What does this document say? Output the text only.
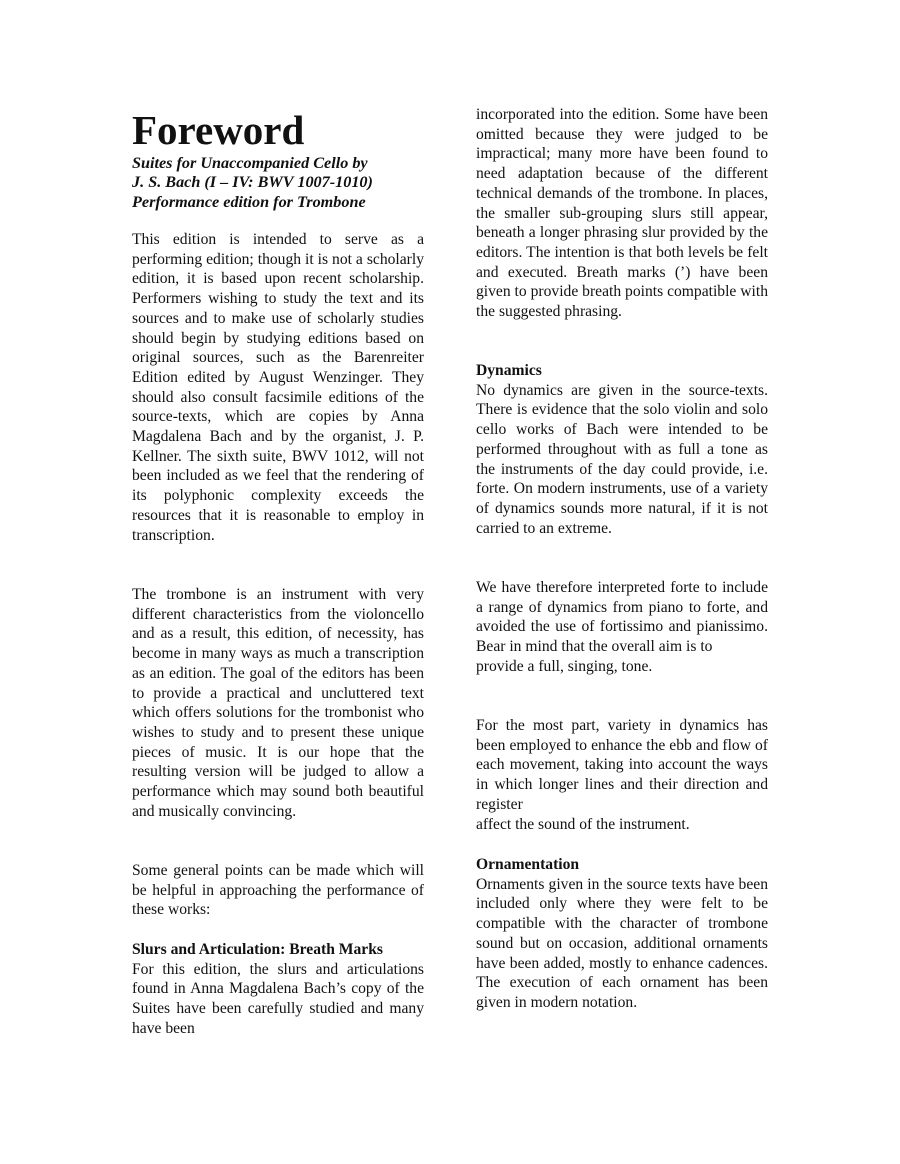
Foreword
Suites for Unaccompanied Cello by
J. S. Bach (I – IV: BWV 1007-1010)
Performance edition for Trombone

This edition is intended to serve as a performing edition; though it is not a scholarly edition, it is based upon recent scholarship. Performers wishing to study the text and its sources and to make use of scholarly studies should begin by studying editions based on original sources, such as the Barenreiter Edition edited by August Wenzinger. They should also consult facsimile editions of the source-texts, which are copies by Anna Magdalena Bach and by the organist, J. P. Kellner. The sixth suite, BWV 1012, will not been included as we feel that the rendering of its polyphonic complexity exceeds the resources that it is reasonable to employ in transcription.

The trombone is an instrument with very different characteristics from the violoncello and as a result, this edition, of necessity, has become in many ways as much a transcription as an edition. The goal of the editors has been to provide a practical and uncluttered text which offers solutions for the trombonist who wishes to study and to present these unique pieces of music. It is our hope that the resulting version will be judged to allow a performance which may sound both beautiful and musically convincing.

Some general points can be made which will be helpful in approaching the performance of these works:

Slurs and Articulation: Breath Marks

For this edition, the slurs and articulations found in Anna Magdalena Bach’s copy of the Suites have been carefully studied and many have been

incorporated into the edition. Some have been omitted because they were judged to be impractical; many more have been found to need adaptation because of the different technical demands of the trombone. In places, the smaller sub-grouping slurs still appear, beneath a longer phrasing slur provided by the editors. The intention is that both levels be felt and executed. Breath marks (’) have been given to provide breath points compatible with the suggested phrasing.

Dynamics

No dynamics are given in the source-texts. There is evidence that the solo violin and solo cello works of Bach were intended to be performed throughout with as full a tone as the instruments of the day could provide, i.e. forte. On modern instruments, use of a variety of dynamics sounds more natural, if it is not carried to an extreme.

We have therefore interpreted forte to include a range of dynamics from piano to forte, and avoided the use of fortissimo and pianissimo. Bear in mind that the overall aim is to
provide a full, singing, tone.
For the most part, variety in dynamics has been employed to enhance the ebb and flow of each movement, taking into account the ways in which longer lines and their direction and register
affect the sound of the instrument.

Ornamentation

Ornaments given in the source texts have been included only where they were felt to be compatible with the character of trombone sound but on occasion, additional ornaments have been added, mostly to enhance cadences. The execution of each ornament has been given in modern notation.
